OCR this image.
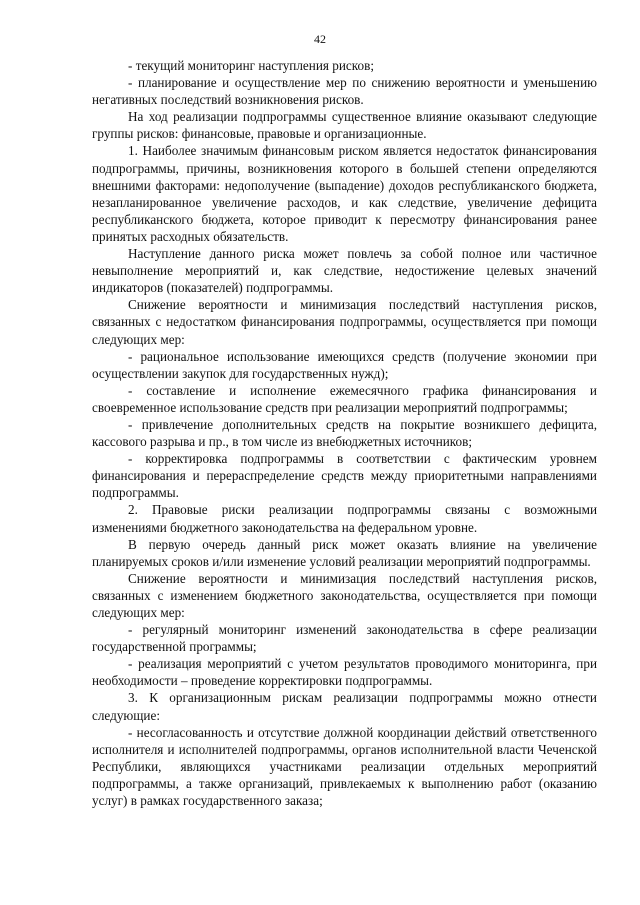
42

- текущий мониторинг наступления рисков;

- планирование и осуществление мер по снижению вероятности и уменьшению негативных последствий возникновения рисков.

На ход реализации подпрограммы существенное влияние оказывают следующие группы рисков: финансовые, правовые и организационные.

1. Наиболее значимым финансовым риском является недостаток финансирования подпрограммы, причины, возникновения которого в большей степени определяются внешними факторами: недополучение (выпадение) доходов республиканского бюджета, незапланированное увеличение расходов, и как следствие, увеличение дефицита республиканского бюджета, которое приводит к пересмотру финансирования ранее принятых расходных обязательств.

Наступление данного риска может повлечь за собой полное или частичное невыполнение мероприятий и, как следствие, недостижение целевых значений индикаторов (показателей) подпрограммы.

Снижение вероятности и минимизация последствий наступления рисков, связанных с недостатком финансирования подпрограммы, осуществляется при помощи следующих мер:

- рациональное использование имеющихся средств (получение экономии при осуществлении закупок для государственных нужд);

- составление и исполнение ежемесячного графика финансирования и своевременное использование средств при реализации мероприятий подпрограммы;

- привлечение дополнительных средств на покрытие возникшего дефицита, кассового разрыва и пр., в том числе из внебюджетных источников;

- корректировка подпрограммы в соответствии с фактическим уровнем финансирования и перераспределение средств между приоритетными направлениями подпрограммы.

2. Правовые риски реализации подпрограммы связаны с возможными изменениями бюджетного законодательства на федеральном уровне.

В первую очередь данный риск может оказать влияние на увеличение планируемых сроков и/или изменение условий реализации мероприятий подпрограммы.

Снижение вероятности и минимизация последствий наступления рисков, связанных с изменением бюджетного законодательства, осуществляется при помощи следующих мер:

- регулярный мониторинг изменений законодательства в сфере реализации государственной программы;

- реализация мероприятий с учетом результатов проводимого мониторинга, при необходимости – проведение корректировки подпрограммы.

3. К организационным рискам реализации подпрограммы можно отнести следующие:

- несогласованность и отсутствие должной координации действий ответственного исполнителя и исполнителей подпрограммы, органов исполнительной власти Чеченской Республики, являющихся участниками реализации отдельных мероприятий подпрограммы, а также организаций, привлекаемых к выполнению работ (оказанию услуг) в рамках государственного заказа;
